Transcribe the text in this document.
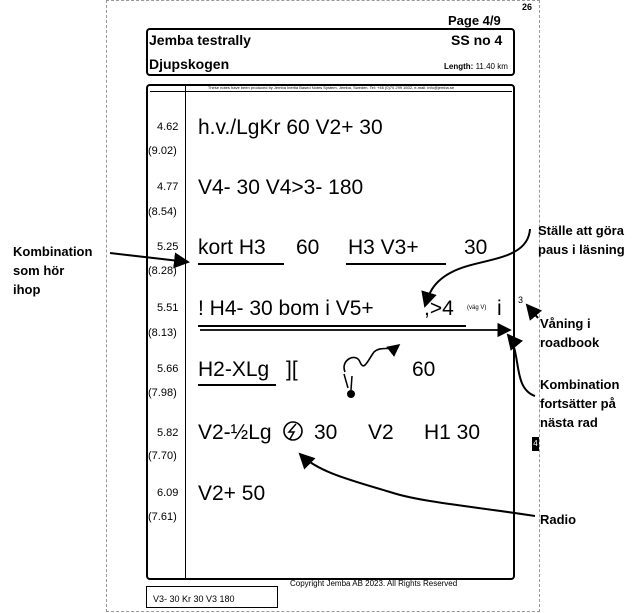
26
Page 4/9
Jemba testrally	SS no 4
Djupskogen	Length: 11.40 km
These notes have been produced by Jemba Inertia Based Notes System, Jemba, Sweden. Tel: +46 (0)70 299 1602, e-mail: info@jemba.se
4.62
(9.02)
h.v./LgKr 60 V2+ 30
4.77
(8.54)
V4- 30 V4>3- 180
5.25
(8.28)
kort H3 60 H3 V3+ 30
5.51
(8.13)
! H4- 30 bom i V5+ ,>4 (väg V) i 3
5.66
(7.98)
H2-XLg ][	60
5.82
(7.70)
V2-½Lg 30 V2 H1 30
6.09
(7.61)
V2+ 50
4
Copyright Jemba AB 2023. All Rights Reserved
V3- 30 Kr 30 V3 180
Kombination
som hör
ihop
Ställe att göra
paus i läsning
Våning i
roadbook
Kombination
fortsätter på
nästa rad
Radio
